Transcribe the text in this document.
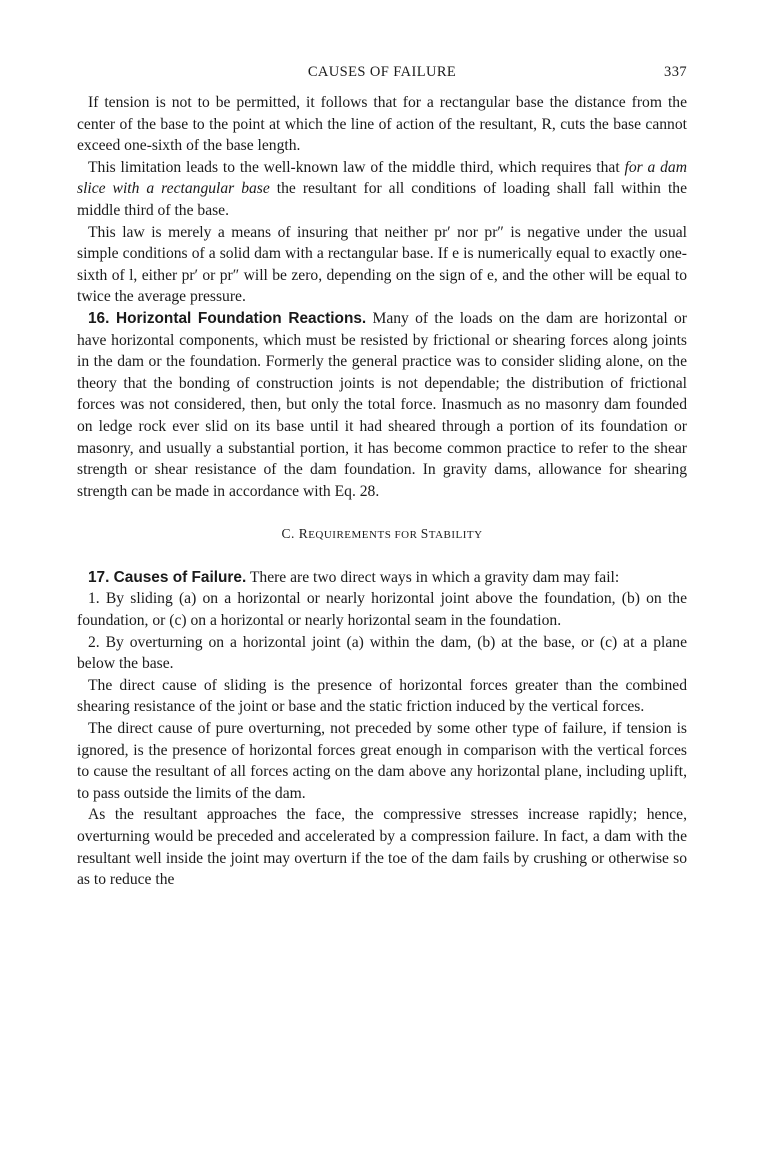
CAUSES OF FAILURE	337

If tension is not to be permitted, it follows that for a rectangular base the distance from the center of the base to the point at which the line of action of the resultant, R, cuts the base cannot exceed one-sixth of the base length.

This limitation leads to the well-known law of the middle third, which requires that for a dam slice with a rectangular base the resultant for all conditions of loading shall fall within the middle third of the base.

This law is merely a means of insuring that neither pr′ nor pr″ is negative under the usual simple conditions of a solid dam with a rectangular base. If e is numerically equal to exactly one-sixth of l, either pr′ or pr″ will be zero, depending on the sign of e, and the other will be equal to twice the average pressure.

16. Horizontal Foundation Reactions. Many of the loads on the dam are horizontal or have horizontal components, which must be resisted by frictional or shearing forces along joints in the dam or the foundation. Formerly the general practice was to consider sliding alone, on the theory that the bonding of construction joints is not dependable; the distribution of frictional forces was not considered, then, but only the total force. Inasmuch as no masonry dam founded on ledge rock ever slid on its base until it had sheared through a portion of its foundation or masonry, and usually a substantial portion, it has become common practice to refer to the shear strength or shear resistance of the dam foundation. In gravity dams, allowance for shearing strength can be made in accordance with Eq. 28.

C. REQUIREMENTS FOR STABILITY

17. Causes of Failure. There are two direct ways in which a gravity dam may fail:

1. By sliding (a) on a horizontal or nearly horizontal joint above the foundation, (b) on the foundation, or (c) on a horizontal or nearly horizontal seam in the foundation.

2. By overturning on a horizontal joint (a) within the dam, (b) at the base, or (c) at a plane below the base.

The direct cause of sliding is the presence of horizontal forces greater than the combined shearing resistance of the joint or base and the static friction induced by the vertical forces.

The direct cause of pure overturning, not preceded by some other type of failure, if tension is ignored, is the presence of horizontal forces great enough in comparison with the vertical forces to cause the resultant of all forces acting on the dam above any horizontal plane, including uplift, to pass outside the limits of the dam.

As the resultant approaches the face, the compressive stresses increase rapidly; hence, overturning would be preceded and accelerated by a compression failure. In fact, a dam with the resultant well inside the joint may overturn if the toe of the dam fails by crushing or otherwise so as to reduce the
